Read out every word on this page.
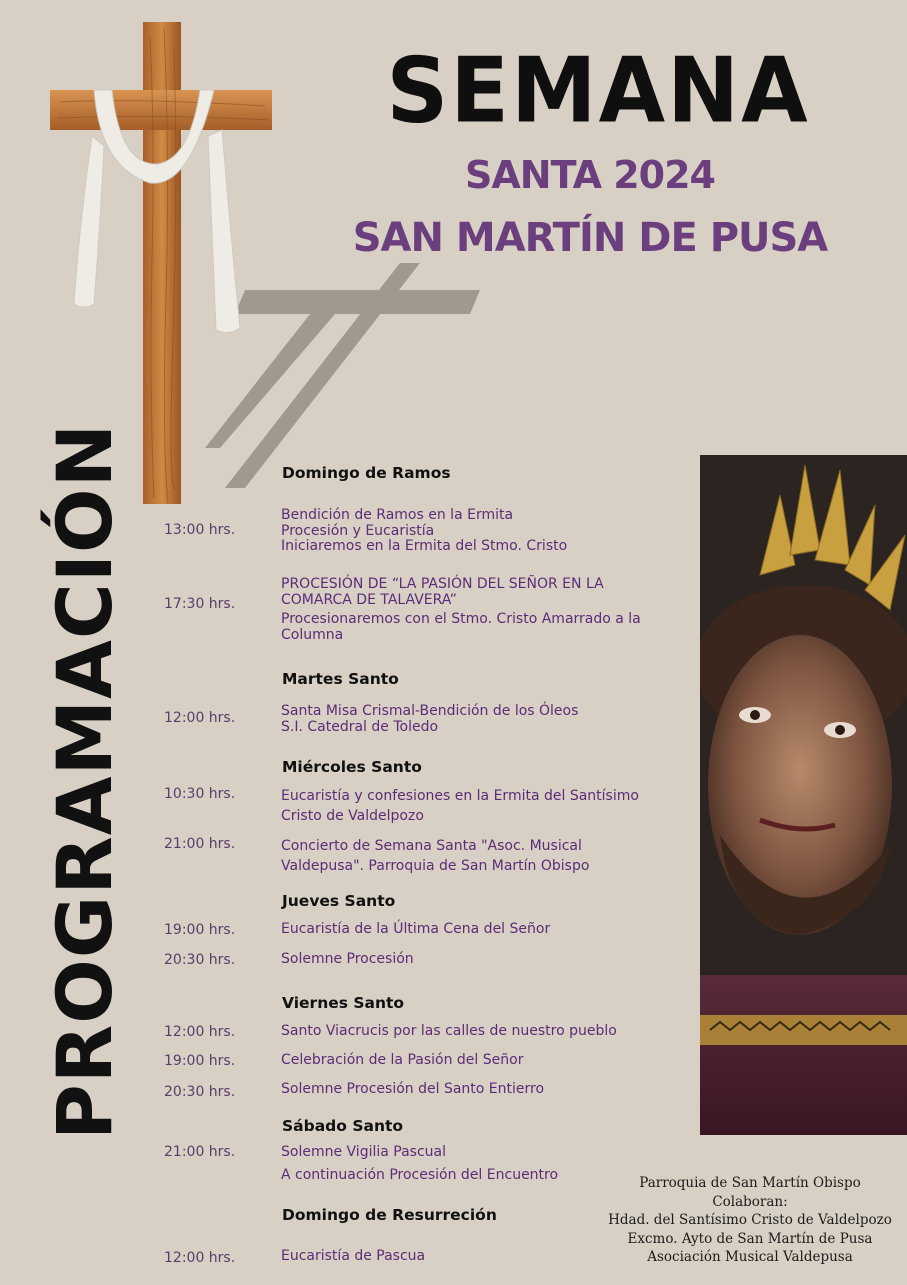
SEMANA
SANTA 2024
SAN MARTÍN DE PUSA
PROGRAMACIÓN	Domingo de Ramos
13:00 hrs.
Bendición de Ramos en la Ermita
Procesión y Eucaristía
Iniciaremos en la Ermita del Stmo. Cristo
17:30 hrs.
PROCESIÓN DE “LA PASIÓN DEL SEÑOR EN LA
COMARCA DE TALAVERA”
Procesionaremos con el Stmo. Cristo Amarrado a la
Columna
Martes Santo
12:00 hrs.	Santa Misa Crismal-Bendición de los Óleos
S.I. Catedral de Toledo
Miércoles Santo
10:30 hrs.	Eucaristía y confesiones en la Ermita del Santísimo
Cristo de Valdelpozo
21:00 hrs.	Concierto de Semana Santa "Asoc. Musical
Valdepusa". Parroquia de San Martín Obispo
Jueves Santo
19:00 hrs.	Eucaristía de la Última Cena del Señor
20:30 hrs.	Solemne Procesión
Viernes Santo
12:00 hrs.	Santo Viacrucis por las calles de nuestro pueblo
19:00 hrs.	Celebración de la Pasión del Señor
20:30 hrs.	Solemne Procesión del Santo Entierro
Sábado Santo
21:00 hrs.	Solemne Vigilia Pascual
A continuación Procesión del Encuentro
Domingo de Resurreción
12:00 hrs.	Eucaristía de Pascua
Parroquia de San Martín Obispo
Colaboran:
Hdad. del Santísimo Cristo de Valdelpozo
Excmo. Ayto de San Martín de Pusa
Asociación Musical Valdepusa
